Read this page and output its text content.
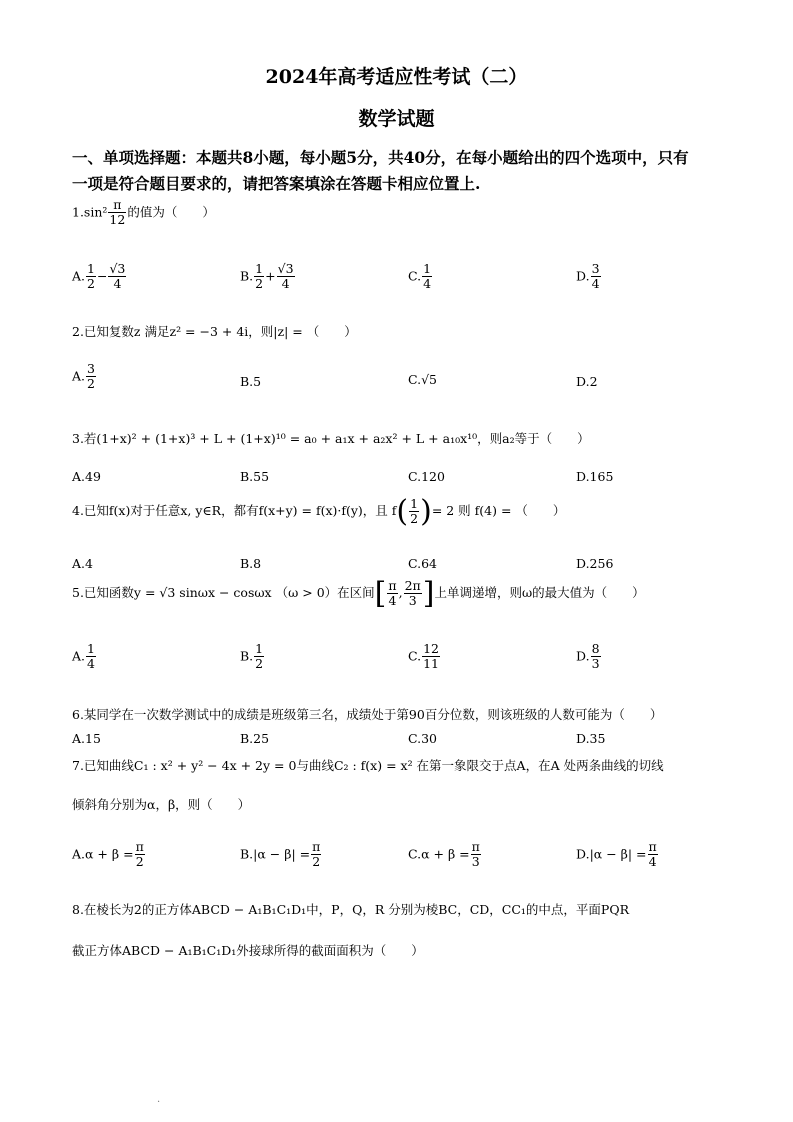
2024年高考适应性考试（二）
数学试题
一、单项选择题：本题共8小题，每小题5分，共40分，在每小题给出的四个选项中，只有
一项是符合题目要求的，请把答案填涂在答题卡相应位置上.
$1.\sin^2 \frac{\pi}{12}$ 的值为（　　）
A. $\frac{1}{2} - \frac{√3}{4}$	B. $\frac{1}{2} + \frac{√3}{4}$	C. $\frac{1}{4}$	D. $\frac{3}{4}$
2.已知复数z 满足z² = −3 + 4i，则|z| = （　　）
A. $\frac{3}{2}$	B.5	C.√5	D.2
3.若(1+x)² + (1+x)³ + L + (1+x)¹⁰ = a₀ + a₁x + a₂x² + L + a₁₀x¹⁰，则a₂等于（　　）
A.49	B.55	C.120	D.165
4.已知f(x)对于任意x, y∈R，都有f(x+y) = f(x)·f(y)，且 $f( \frac{1}{2}$ )= 2 则 f(4) = （　　）
A.4	B.8	C.64	D.256
5.已知函数y = √3 sinωx − cosωx （ω > 0）在区间[ $\frac{\pi}{4}$ , $\frac{2\pi}{3}$ ]上单调递增，则ω的最大值为（　　）
A. $\frac{1}{4}$	B. $\frac{1}{2}$	C. $\frac{12}{11}$	D. $\frac{8}{3}$
6.某同学在一次数学测试中的成绩是班级第三名，成绩处于第90百分位数，则该班级的人数可能为（　　）
A.15	B.25	C.30	D.35
7.已知曲线C₁ : x² + y² − 4x + 2y = 0与曲线C₂ : f(x) = x² 在第一象限交于点A，在A 处两条曲线的切线
倾斜角分别为α，β，则（　　）
$A.\alpha + \beta = \frac{\pi}{2}$	$B.|\alpha - \beta| = \frac{\pi}{2}$	$C.\alpha + \beta = \frac{\pi}{3}$	$D.|\alpha - \beta| = \frac{\pi}{4}$
8.在棱长为2的正方体ABCD − A₁B₁C₁D₁中，P，Q，R 分别为棱BC，CD，CC₁的中点，平面PQR
截正方体ABCD − A₁B₁C₁D₁外接球所得的截面面积为（　　）
.
